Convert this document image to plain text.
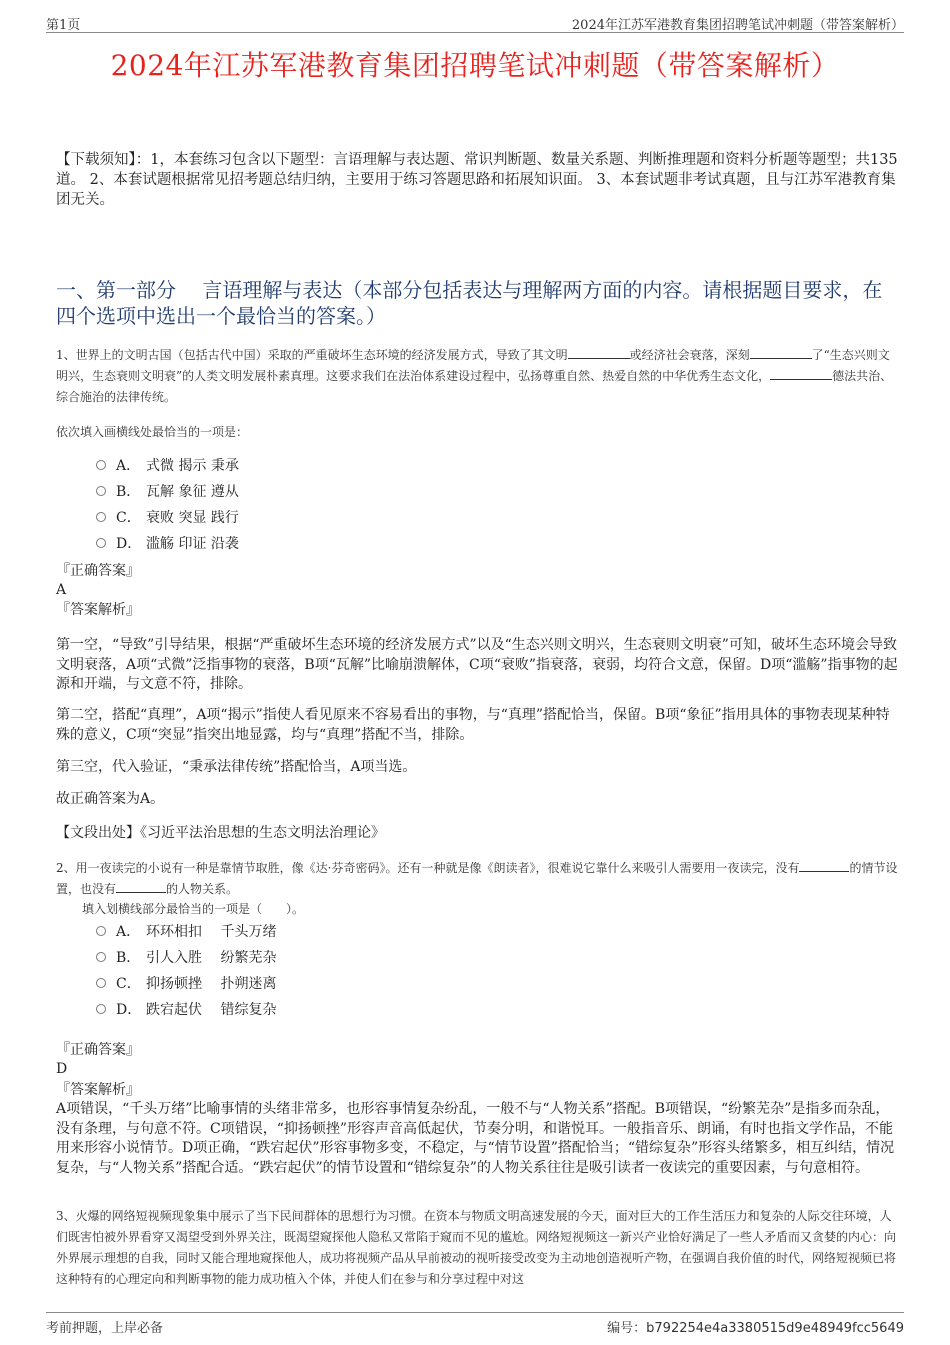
第1页	2024年江苏军港教育集团招聘笔试冲刺题（带答案解析）
2024年江苏军港教育集团招聘笔试冲刺题（带答案解析）
【下载须知】：1，本套练习包含以下题型：言语理解与表达题、常识判断题、数量关系题、判断推理题和资料分析题等题型；共135道。 2、本套试题根据常见招考题总结归纳，主要用于练习答题思路和拓展知识面。 3、本套试题非考试真题，且与江苏军港教育集团无关。
一、第一部分　 言语理解与表达（本部分包括表达与理解两方面的内容。请根据题目要求，在四个选项中选出一个最恰当的答案。）
1、世界上的文明古国（包括古代中国）采取的严重破坏生态环境的经济发展方式，导致了其文明	或经济社会衰落，深刻	了“生态兴则文明兴，生态衰则文明衰”的人类文明发展朴素真理。这要求我们在法治体系建设过程中，弘扬尊重自然、热爱自然的中华优秀生态文化，	德法共治、综合施治的法律传统。
依次填入画横线处最恰当的一项是：
A． 式微 揭示 秉承
B． 瓦解 象征 遵从
C． 衰败 突显 践行
D． 滥觞 印证 沿袭
『正确答案』
A
『答案解析』
第一空，“导致”引导结果，根据“严重破坏生态环境的经济发展方式”以及“生态兴则文明兴，生态衰则文明衰”可知，破坏生态环境会导致文明衰落，A项“式微”泛指事物的衰落，B项“瓦解”比喻崩溃解体，C项“衰败”指衰落，衰弱，均符合文意，保留。D项“滥觞”指事物的起源和开端，与文意不符，排除。
第二空，搭配“真理”，A项“揭示”指使人看见原来不容易看出的事物，与“真理”搭配恰当，保留。B项“象征”指用具体的事物表现某种特殊的意义，C项“突显”指突出地显露，均与“真理”搭配不当，排除。
第三空，代入验证，“秉承法律传统”搭配恰当，A项当选。
故正确答案为A。
【文段出处】《习近平法治思想的生态文明法治理论》
2、用一夜读完的小说有一种是靠情节取胜，像《达·芬奇密码》。还有一种就是像《朗读者》，很难说它靠什么来吸引人需要用一夜读完，没有	的情节设置，也没有	的人物关系。
填入划横线部分最恰当的一项是（　　）。
A． 环环相扣　 千头万绪
B． 引人入胜　 纷繁芜杂
C． 抑扬顿挫　 扑朔迷离
D． 跌宕起伏　 错综复杂
『正确答案』
D
『答案解析』
A项错误，“千头万绪”比喻事情的头绪非常多，也形容事情复杂纷乱，一般不与“人物关系”搭配。B项错误，“纷繁芜杂”是指多而杂乱，没有条理，与句意不符。C项错误，“抑扬顿挫”形容声音高低起伏，节奏分明，和谐悦耳。一般指音乐、朗诵，有时也指文学作品，不能用来形容小说情节。D项正确，“跌宕起伏”形容事物多变，不稳定，与“情节设置”搭配恰当；“错综复杂”形容头绪繁多，相互纠结，情况复杂，与“人物关系”搭配合适。“跌宕起伏”的情节设置和“错综复杂”的人物关系往往是吸引读者一夜读完的重要因素，与句意相符。
3、火爆的网络短视频现象集中展示了当下民间群体的思想行为习惯。在资本与物质文明高速发展的今天，面对巨大的工作生活压力和复杂的人际交往环境，人们既害怕被外界看穿又渴望受到外界关注，既渴望窥探他人隐私又常陷于窥而不见的尴尬。网络短视频这一新兴产业恰好满足了一些人矛盾而又贪婪的内心：向外界展示理想的自我，同时又能合理地窥探他人，成功将视频产品从早前被动的视听接受改变为主动地创造视听产物，在强调自我价值的时代，网络短视频已将这种特有的心理定向和判断事物的能力成功植入个体，并使人们在参与和分享过程中对这
考前押题，上岸必备	编号：b792254e4a3380515d9e48949fcc5649
